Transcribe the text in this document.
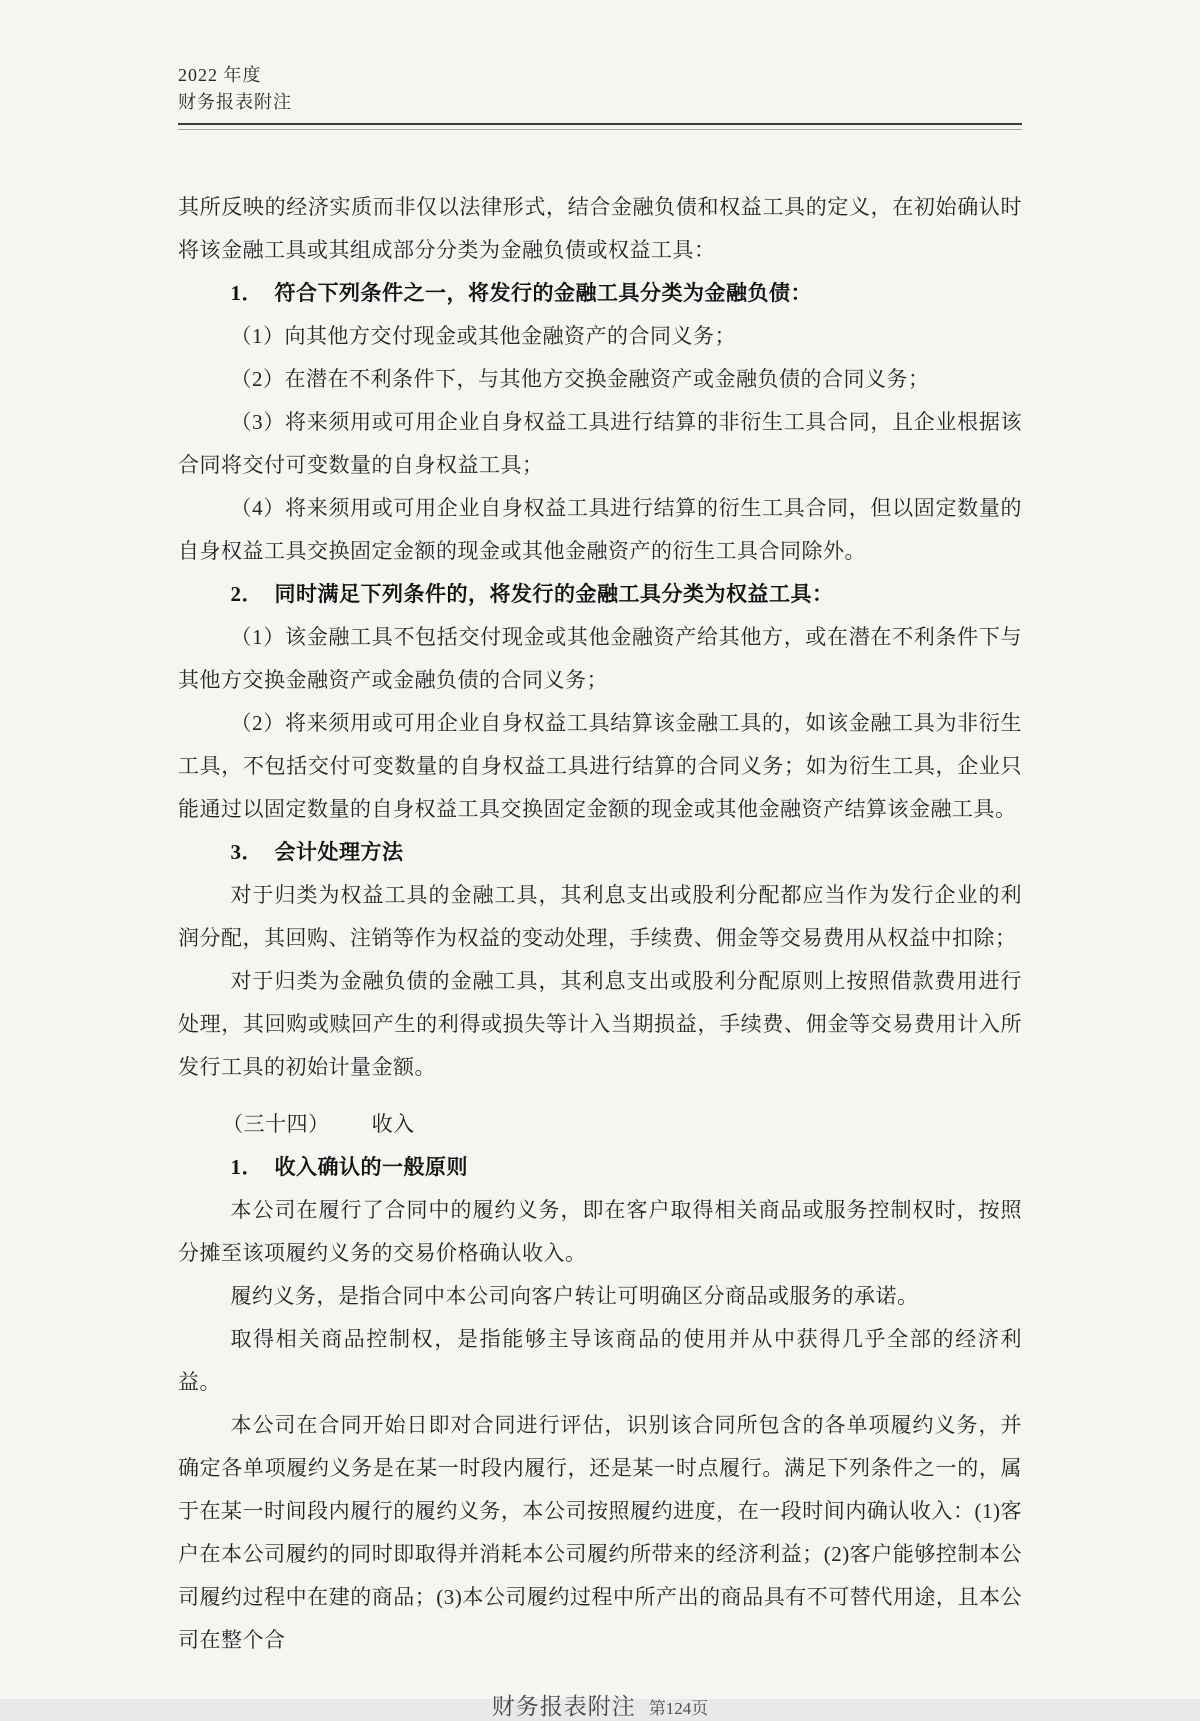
2022 年度
财务报表附注
其所反映的经济实质而非仅以法律形式，结合金融负债和权益工具的定义，在初始确认时将该金融工具或其组成部分分类为金融负债或权益工具：
1． 符合下列条件之一，将发行的金融工具分类为金融负债：
（1）向其他方交付现金或其他金融资产的合同义务；
（2）在潜在不利条件下，与其他方交换金融资产或金融负债的合同义务；
（3）将来须用或可用企业自身权益工具进行结算的非衍生工具合同，且企业根据该合同将交付可变数量的自身权益工具；
（4）将来须用或可用企业自身权益工具进行结算的衍生工具合同，但以固定数量的自身权益工具交换固定金额的现金或其他金融资产的衍生工具合同除外。
2． 同时满足下列条件的，将发行的金融工具分类为权益工具：
（1）该金融工具不包括交付现金或其他金融资产给其他方，或在潜在不利条件下与其他方交换金融资产或金融负债的合同义务；
（2）将来须用或可用企业自身权益工具结算该金融工具的，如该金融工具为非衍生工具，不包括交付可变数量的自身权益工具进行结算的合同义务；如为衍生工具，企业只能通过以固定数量的自身权益工具交换固定金额的现金或其他金融资产结算该金融工具。
3． 会计处理方法
对于归类为权益工具的金融工具，其利息支出或股利分配都应当作为发行企业的利润分配，其回购、注销等作为权益的变动处理，手续费、佣金等交易费用从权益中扣除；
对于归类为金融负债的金融工具，其利息支出或股利分配原则上按照借款费用进行处理，其回购或赎回产生的利得或损失等计入当期损益，手续费、佣金等交易费用计入所发行工具的初始计量金额。
（三十四） 收入
1． 收入确认的一般原则
本公司在履行了合同中的履约义务，即在客户取得相关商品或服务控制权时，按照分摊至该项履约义务的交易价格确认收入。
履约义务，是指合同中本公司向客户转让可明确区分商品或服务的承诺。
取得相关商品控制权，是指能够主导该商品的使用并从中获得几乎全部的经济利益。
本公司在合同开始日即对合同进行评估，识别该合同所包含的各单项履约义务，并确定各单项履约义务是在某一时段内履行，还是某一时点履行。满足下列条件之一的，属于在某一时间段内履行的履约义务，本公司按照履约进度，在一段时间内确认收入：(1)客户在本公司履约的同时即取得并消耗本公司履约所带来的经济利益；(2)客户能够控制本公司履约过程中在建的商品；(3)本公司履约过程中所产出的商品具有不可替代用途，且本公司在整个合
财务报表附注 第124页
